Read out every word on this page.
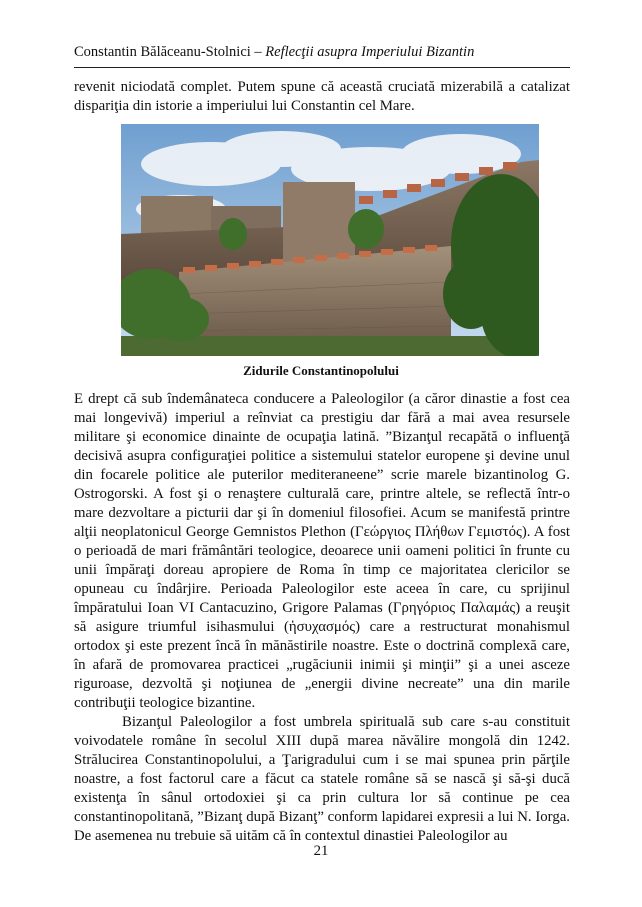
Constantin Bălăceanu-Stolnici – Reflecţii asupra Imperiului Bizantin

revenit niciodată complet. Putem spune că această cruciată mizerabilă a catalizat dispariţia din istorie a imperiului lui Constantin cel Mare.

Zidurile Constantinopolului

E drept că sub îndemânateca conducere a Paleologilor (a căror dinastie a fost cea mai longevivă) imperiul a reînviat ca prestigiu dar fără a mai avea resursele militare şi economice dinainte de ocupaţia latină. ”Bizanţul recapătă o influenţă decisivă asupra configuraţiei politice a sistemului statelor europene şi devine unul din focarele politice ale puterilor mediteraneene” scrie marele bizantinolog G. Ostrogorski. A fost şi o renaştere culturală care, printre altele, se reflectă într-o mare dezvoltare a picturii dar şi în domeniul filosofiei. Acum se manifestă printre alţii neoplatonicul George Gemnistos Plethon (Γεώργιος Πλήθων Γεμιστός). A fost o perioadă de mari frământări teologice, deoarece unii oameni politici în frunte cu unii împăraţi doreau apropiere de Roma în timp ce majoritatea clericilor se opuneau cu îndârjire. Perioada Paleologilor este aceea în care, cu sprijinul împăratului Ioan VI Cantacuzino, Grigore Palamas (Γρηγόριος Παλαμάς) a reuşit să asigure triumful isihasmului (ἡσυχασμός) care a restructurat monahismul ortodox şi este prezent încă în mănăstirile noastre. Este o doctrină complexă care, în afară de promovarea practicei „rugăciunii inimii şi minţii” şi a unei asceze riguroase, dezvoltă şi noţiunea de „energii divine necreate” una din marile contribuţii teologice bizantine.

Bizanţul Paleologilor a fost umbrela spirituală sub care s-au constituit voivodatele române în secolul XIII după marea năvălire mongolă din 1242. Strălucirea Constantinopolului, a Ţarigradului cum i se mai spunea prin părţile noastre, a fost factorul care a făcut ca statele române să se nască şi să-şi ducă existenţa în sânul ortodoxiei şi ca prin cultura lor să continue pe cea constantinopolitană, ”Bizanţ după Bizanţ” conform lapidarei expresii a lui N. Iorga. De asemenea nu trebuie să uităm că în contextul dinastiei Paleologilor au

21
